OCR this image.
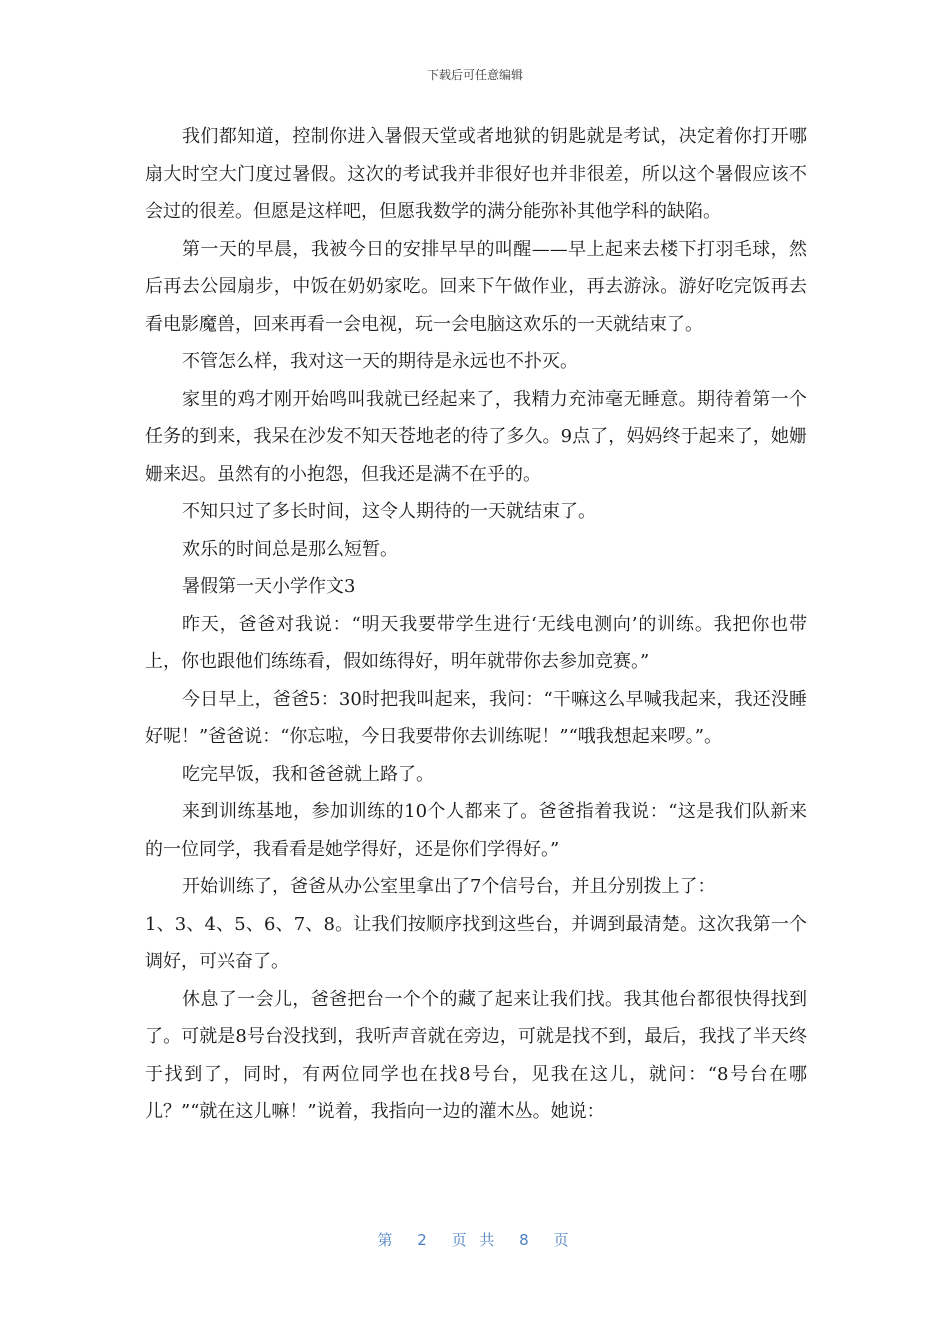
下载后可任意编辑

我们都知道，控制你进入暑假天堂或者地狱的钥匙就是考试，决定着你打开哪扇大时空大门度过暑假。这次的考试我并非很好也并非很差，所以这个暑假应该不会过的很差。但愿是这样吧，但愿我数学的满分能弥补其他学科的缺陷。

第一天的早晨，我被今日的安排早早的叫醒——早上起来去楼下打羽毛球，然后再去公园扇步，中饭在奶奶家吃。回来下午做作业，再去游泳。游好吃完饭再去看电影魔兽，回来再看一会电视，玩一会电脑这欢乐的一天就结束了。

不管怎么样，我对这一天的期待是永远也不扑灭。

家里的鸡才刚开始鸣叫我就已经起来了，我精力充沛毫无睡意。期待着第一个任务的到来，我呆在沙发不知天苍地老的待了多久。9点了，妈妈终于起来了，她姗姗来迟。虽然有的小抱怨，但我还是满不在乎的。

不知只过了多长时间，这令人期待的一天就结束了。

欢乐的时间总是那么短暂。

暑假第一天小学作文3

昨天，爸爸对我说：“明天我要带学生进行‘无线电测向’的训练。我把你也带上，你也跟他们练练看，假如练得好，明年就带你去参加竞赛。”

今日早上，爸爸5：30时把我叫起来，我问：“干嘛这么早喊我起来，我还没睡好呢！”爸爸说：“你忘啦，今日我要带你去训练呢！”“哦我想起来啰。”。

吃完早饭，我和爸爸就上路了。

来到训练基地，参加训练的10个人都来了。爸爸指着我说：“这是我们队新来的一位同学，我看看是她学得好，还是你们学得好。”

开始训练了，爸爸从办公室里拿出了7个信号台，并且分别拨上了：

1、3、4、5、6、7、8。让我们按顺序找到这些台，并调到最清楚。这次我第一个调好，可兴奋了。

休息了一会儿，爸爸把台一个个的藏了起来让我们找。我其他台都很快得找到了。可就是8号台没找到，我听声音就在旁边，可就是找不到，最后，我找了半天终于找到了，同时，有两位同学也在找8号台，见我在这儿，就问：“8号台在哪儿？”“就在这儿嘛！”说着，我指向一边的灌木丛。她说：

第 2 页 共 8 页
